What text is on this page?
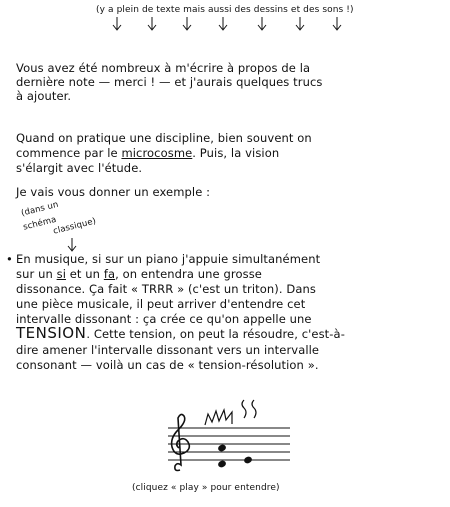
(y a plein de texte mais aussi des dessins et des sons !)
Vous avez été nombreux à m'écrire à propos de la
dernière note — merci ! — et j'aurais quelques trucs
à ajouter.
Quand on pratique une discipline, bien souvent on
commence par le microcosme. Puis, la vision
s'élargit avec l'étude.
Je vais vous donner un exemple :
(dans un
schéma
classique)
• En musique, si sur un piano j'appuie simultanément
sur un si et un fa, on entendra une grosse
dissonance. Ça fait « TRRR » (c'est un triton). Dans
une pièce musicale, il peut arriver d'entendre cet
intervalle dissonant : ça crée ce qu'on appelle une
TENSION. Cette tension, on peut la résoudre, c'est-à-
dire amener l'intervalle dissonant vers un intervalle
consonant — voilà un cas de « tension-résolution ».
(cliquez « play » pour entendre)
